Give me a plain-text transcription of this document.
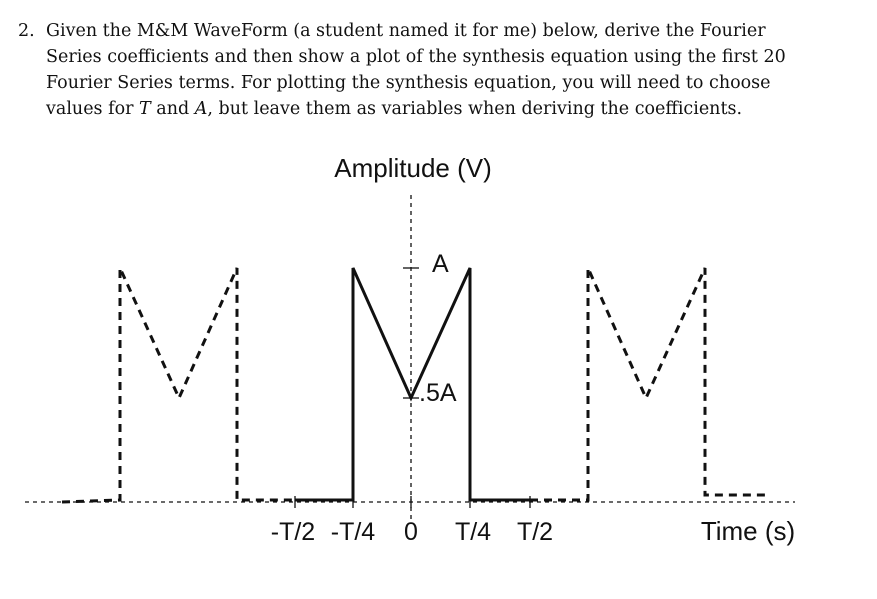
2. Given the M&M WaveForm (a student named it for me) below, derive the Fourier
Series coefficients and then show a plot of the synthesis equation using the first 20
Fourier Series terms. For plotting the synthesis equation, you will need to choose
values for T and A, but leave them as variables when deriving the coefficients.
Amplitude (V)
A
.5A
-T/2 -T/4 0 T/4 T/2	Time (s)
